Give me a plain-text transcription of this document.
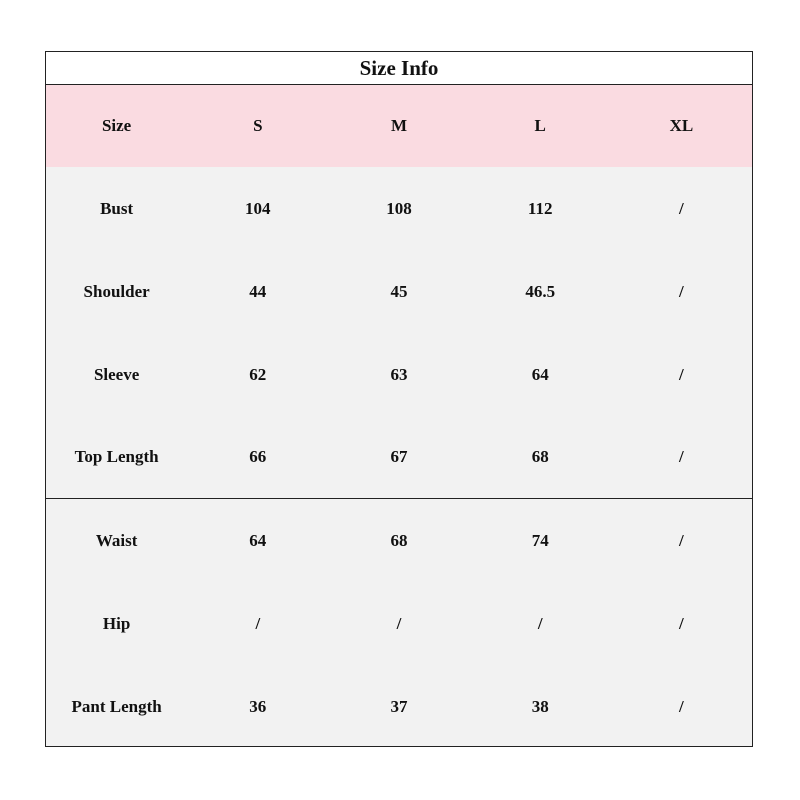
Size Info
Size	S	M	L	XL
Bust	104	108	112	/
Shoulder	44	45	46.5	/
Sleeve	62	63	64	/
Top Length	66	67	68	/
Waist	64	68	74	/
Hip	/	/	/	/
Pant Length	36	37	38	/
